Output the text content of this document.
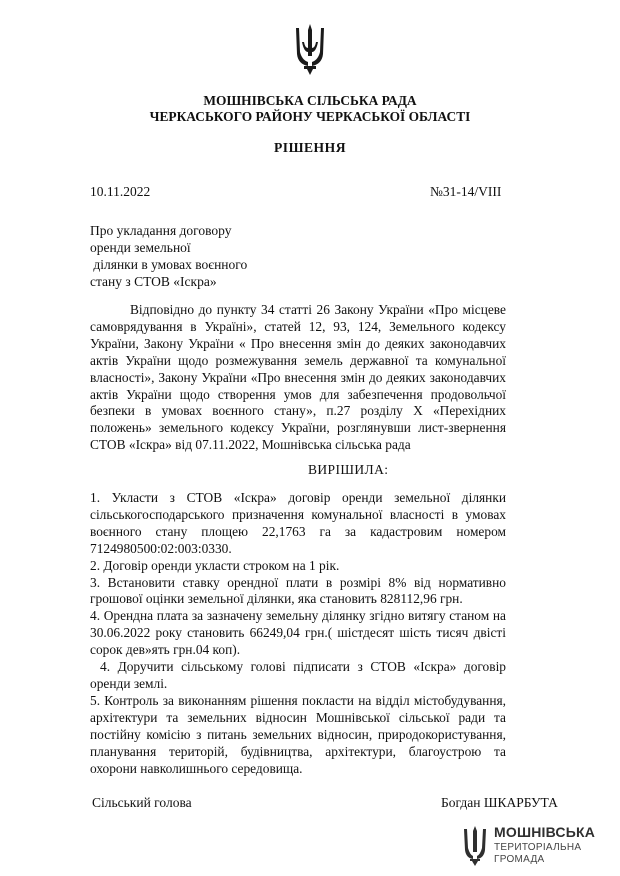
МОШНІВСЬКА СІЛЬСЬКА РАДА
ЧЕРКАСЬКОГО РАЙОНУ ЧЕРКАСЬКОЇ ОБЛАСТІ
РІШЕННЯ
10.11.2022	№31-14/VIII
Про укладання договору
оренди земельної
ділянки в умовах воєнного
стану з СТОВ «Іскра»

Відповідно до пункту 34 статті 26 Закону України «Про місцеве самоврядування в Україні», статей 12, 93, 124, Земельного кодексу України, Закону України « Про внесення змін до деяких законодавчих актів України щодо розмежування земель державної та комунальної власності», Закону України «Про внесення змін до деяких законодавчих актів України щодо створення умов для забезпечення продовольчої безпеки в умовах воєнного стану», п.27 розділу Х «Перехідних положень» земельного кодексу України, розглянувши лист-звернення СТОВ «Іскра» від 07.11.2022, Мошнівська сільська рада

ВИРІШИЛА:

1. Укласти з СТОВ «Іскра» договір оренди земельної ділянки сільськогосподарського призначення комунальної власності в умовах воєнного стану площею 22,1763 га за кадастровим номером 7124980500:02:003:0330.

2. Договір оренди укласти строком на 1 рік.

3. Встановити ставку орендної плати в розмірі 8% від нормативно грошової оцінки земельної ділянки, яка становить 828112,96 грн.

4. Орендна плата за зазначену земельну ділянку згідно витягу станом на 30.06.2022 року становить 66249,04 грн.( шістдесят шість тисяч двісті сорок дев»ять грн.04 коп).

4. Доручити сільському голові підписати з СТОВ «Іскра» договір оренди землі.

5. Контроль за виконанням рішення покласти на відділ містобудування, архітектури та земельних відносин Мошнівської сільської ради та постійну комісію з питань земельних відносин, природокористування, планування територій, будівництва, архітектури, благоустрою та охорони навколишнього середовища.

Сільський голова	Богдан ШКАРБУТА
МОШНІВСЬКА
ТЕРИТОРІАЛЬНА
ГРОМАДА
